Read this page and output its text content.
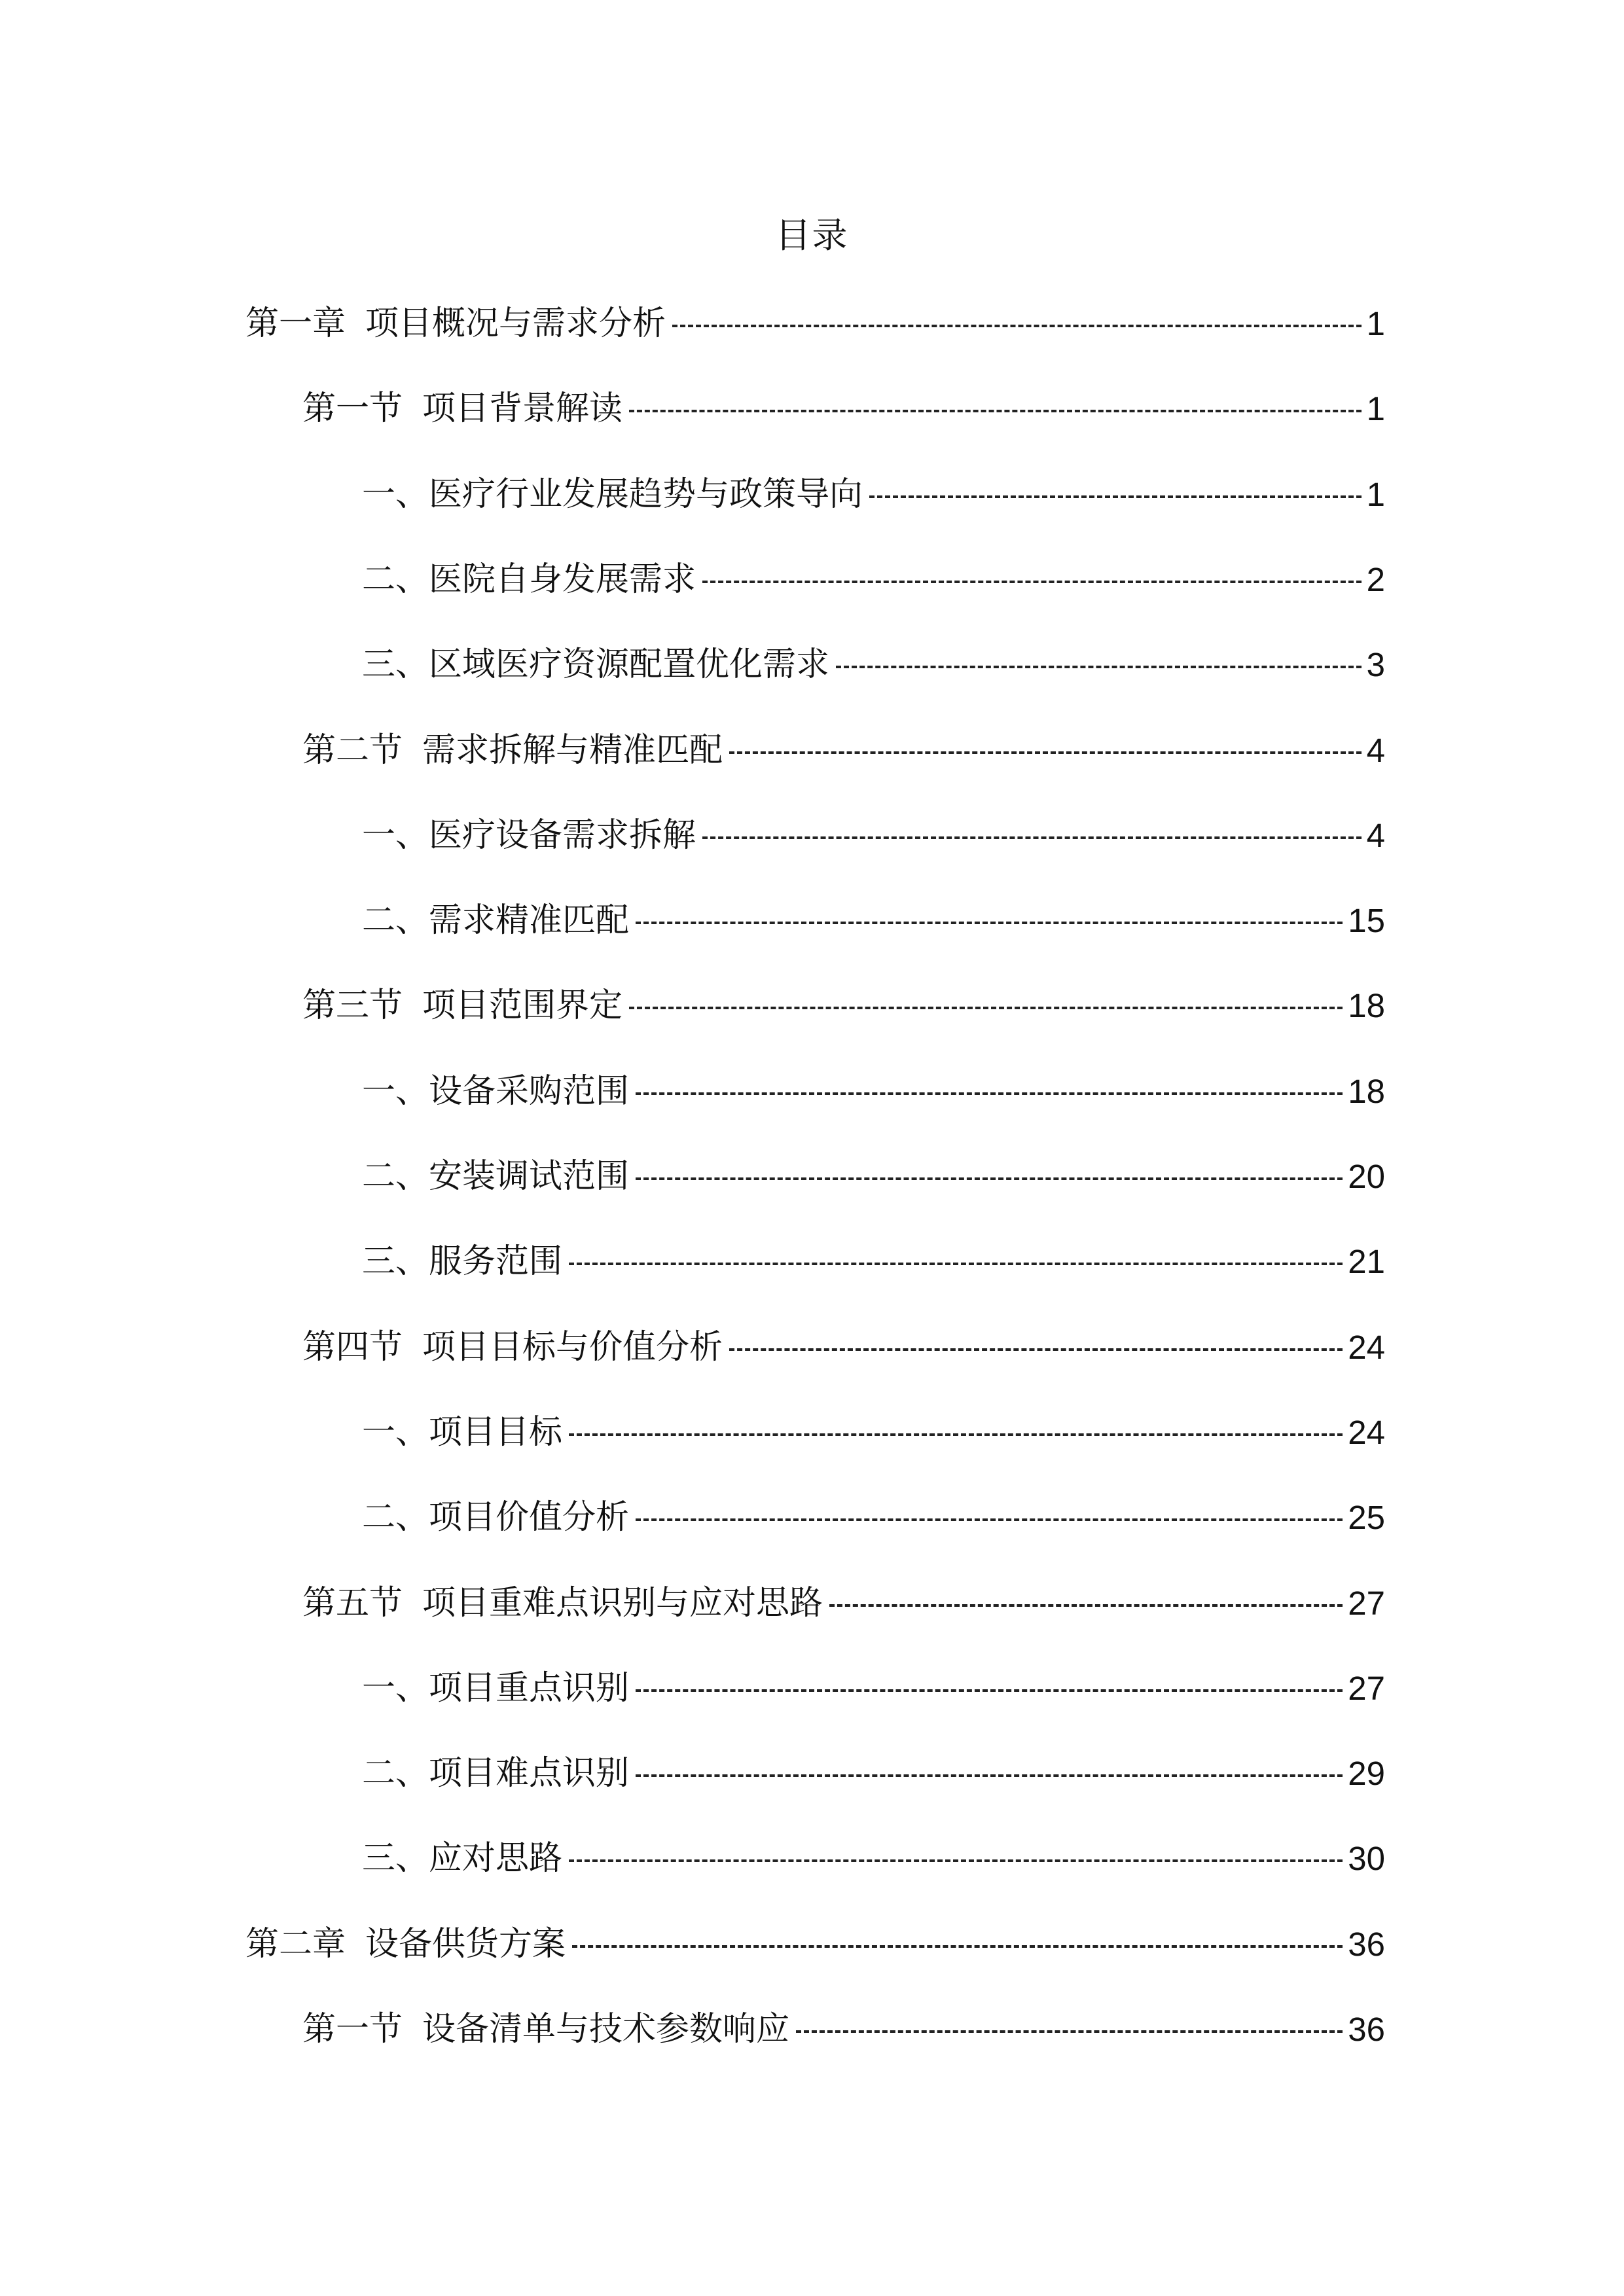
目录
第一章 项目概况与需求分析	1
第一节 项目背景解读	1
一、医疗行业发展趋势与政策导向	1
二、医院自身发展需求	2
三、区域医疗资源配置优化需求	3
第二节 需求拆解与精准匹配	4
一、医疗设备需求拆解	4
二、需求精准匹配	15
第三节 项目范围界定	18
一、设备采购范围	18
二、安装调试范围	20
三、服务范围	21
第四节 项目目标与价值分析	24
一、项目目标	24
二、项目价值分析	25
第五节 项目重难点识别与应对思路	27
一、项目重点识别	27
二、项目难点识别	29
三、应对思路	30
第二章 设备供货方案	36
第一节 设备清单与技术参数响应	36
